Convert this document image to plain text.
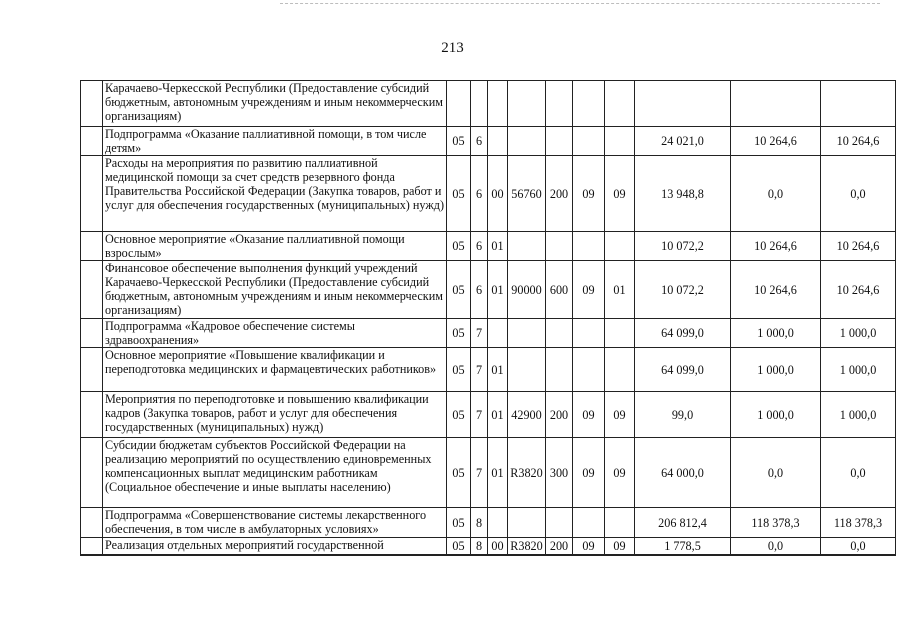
213
	Карачаево-Черкесской Республики (Предоставление субсидий бюджетным, автономным учреждениям и иным некоммерческим организациям)										
	Подпрограмма «Оказание паллиативной помощи, в том числе детям»	05	6						24 021,0	10 264,6	10 264,6
	Расходы на мероприятия по развитию паллиативной медицинской помощи за счет средств резервного фонда Правительства Российской Федерации (Закупка товаров, работ и услуг для обеспечения государственных (муниципальных) нужд)	05	6	00	56760	200	09	09	13 948,8	0,0	0,0
	Основное мероприятие «Оказание паллиативной помощи взрослым»	05	6	01					10 072,2	10 264,6	10 264,6
	Финансовое обеспечение выполнения функций учреждений Карачаево-Черкесской Республики (Предоставление субсидий бюджетным, автономным учреждениям и иным некоммерческим организациям)	05	6	01	90000	600	09	01	10 072,2	10 264,6	10 264,6
	Подпрограмма «Кадровое обеспечение системы здравоохранения»	05	7						64 099,0	1 000,0	1 000,0
	Основное мероприятие «Повышение квалификации и переподготовка медицинских и фармацевтических работников»	05	7	01					64 099,0	1 000,0	1 000,0
	Мероприятия по переподготовке и повышению квалификации кадров (Закупка товаров, работ и услуг для обеспечения государственных (муниципальных) нужд)	05	7	01	42900	200	09	09	99,0	1 000,0	1 000,0
	Субсидии бюджетам субъектов Российской Федерации на реализацию мероприятий по осуществлению единовременных компенсационных выплат медицинским работникам (Социальное обеспечение и иные выплаты населению)	05	7	01	R3820	300	09	09	64 000,0	0,0	0,0
	Подпрограмма «Совершенствование системы лекарственного обеспечения, в том числе в амбулаторных условиях»	05	8						206 812,4	118 378,3	118 378,3
	Реализация отдельных мероприятий государственной	05	8	00	R3820	200	09	09	1 778,5	0,0	0,0
